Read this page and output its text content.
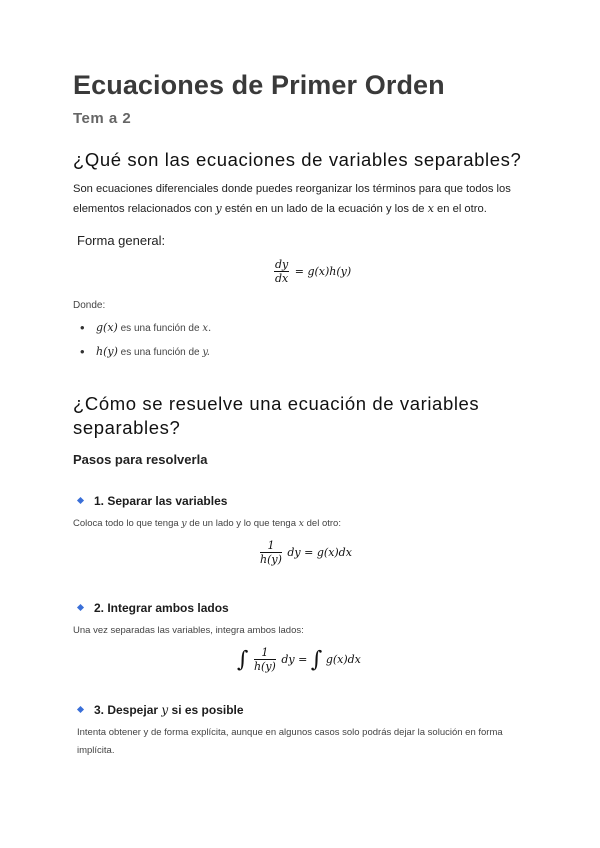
Ecuaciones de Primer Orden
Tem a 2
¿Qué son las ecuaciones de variables separables?
Son ecuaciones diferenciales donde puedes reorganizar los términos para que todos los
elementos relacionados con y estén en un lado de la ecuación y los de x en el otro.
Forma general:
$\frac{dy}{dx} = g(x)h(y)$
Donde:
• g(x) es una función de x.
• h(y) es una función de y.
¿Cómo se resuelve una ecuación de variables
separables?
Pasos para resolverla
1. Separar las variables
Coloca todo lo que tenga y de un lado y lo que tenga x del otro:
$\frac{1}{h(y)}$ dy = g(x)dx
2. Integrar ambos lados
Una vez separadas las variables, integra ambos lados:
∫ $\frac{1}{h(y)}$ dy = ∫ g(x)dx
3. Despejar y si es posible
Intenta obtener y de forma explícita, aunque en algunos casos solo podrás dejar la solución en forma
implícita.
